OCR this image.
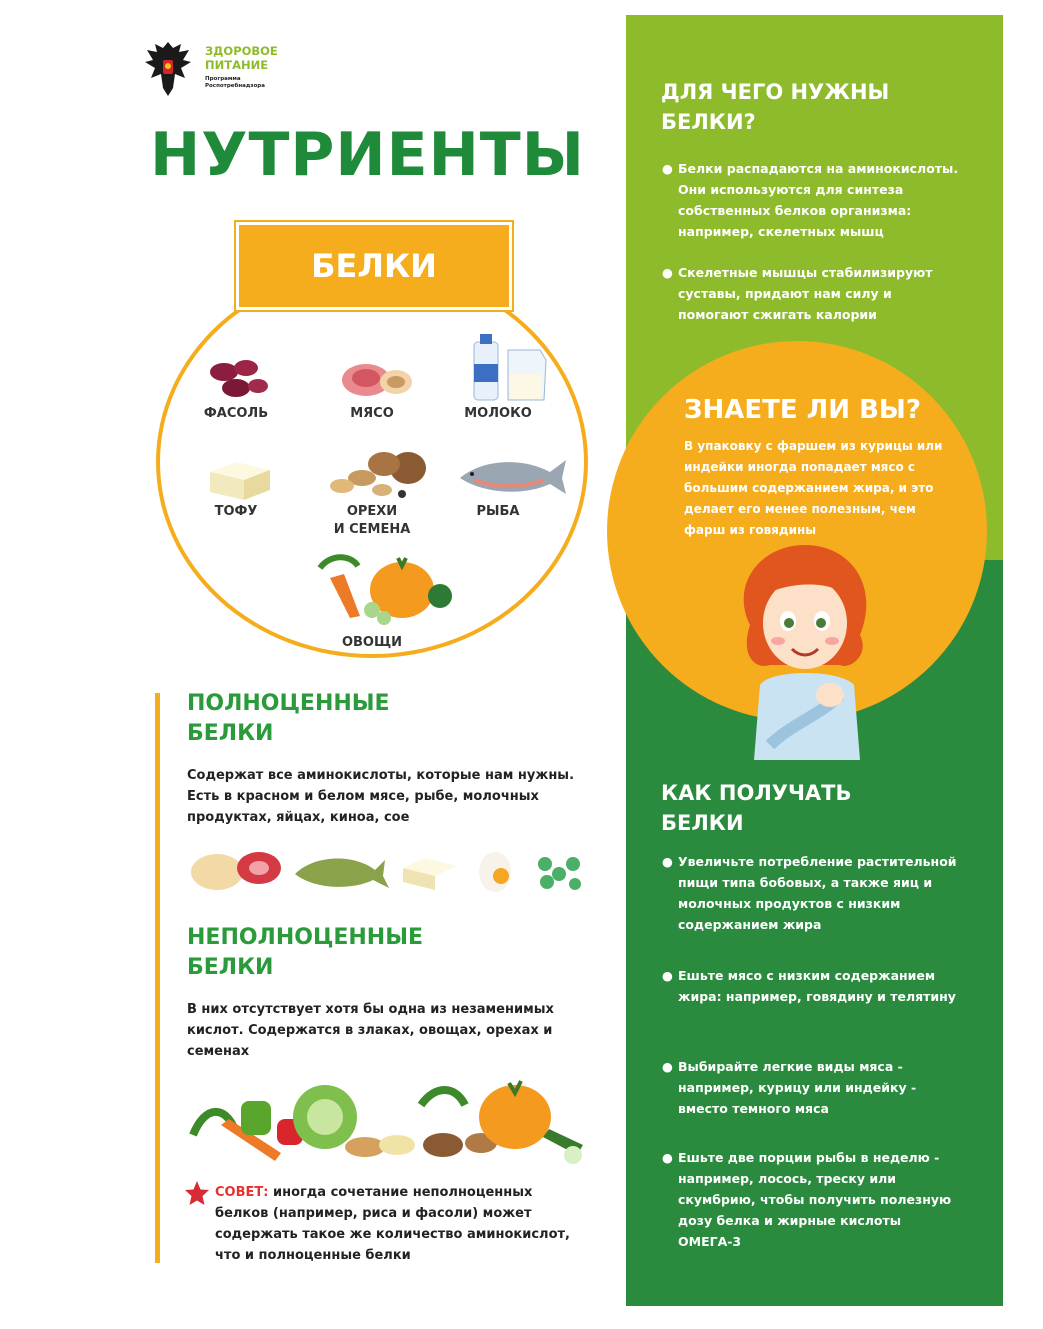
ЗДОРОВОЕ
ПИТАНИЕ
Программа
Роспотребнадзора
НУТРИЕНТЫ
БЕЛКИ
ФАСОЛЬ	МЯСО	МОЛОКО
ТОФУ	ОРЕХИ
И СЕМЕНА
РЫБА
ОВОЩИ
ПОЛНОЦЕННЫЕ
БЕЛКИ
Содержат все аминокислоты, которые нам нужны. Есть в красном и белом мясе, рыбе, молочных продуктах, яйцах, киноа, сое
НЕПОЛНОЦЕННЫЕ
БЕЛКИ
В них отсутствует хотя бы одна из незаменимых кислот. Содержатся в злаках, овощах, орехах и семенах
СОВЕТ: иногда сочетание неполноценных белков (например, риса и фасоли) может содержать такое же количество аминокислот, что и полноценные белки
ДЛЯ ЧЕГО НУЖНЫ
БЕЛКИ?
● Белки распадаются на аминокислоты. Они используются для синтеза собственных белков организма: например, скелетных мышц
● Скелетные мышцы стабилизируют суставы, придают нам силу и помогают сжигать калории
ЗНАЕТЕ ЛИ ВЫ?
В упаковку с фаршем из курицы или индейки иногда попадает мясо с большим содержанием жира, и это делает его менее полезным, чем фарш из говядины
КАК ПОЛУЧАТЬ
БЕЛКИ
● Увеличьте потребление растительной пищи типа бобовых, а также яиц и молочных продуктов с низким содержанием жира
● Ешьте мясо с низким содержанием жира: например, говядину и телятину
● Выбирайте легкие виды мяса - например, курицу или индейку - вместо темного мяса
● Ешьте две порции рыбы в неделю - например, лосось, треску или скумбрию, чтобы получить полезную дозу белка и жирные кислоты ОМЕГА-3
